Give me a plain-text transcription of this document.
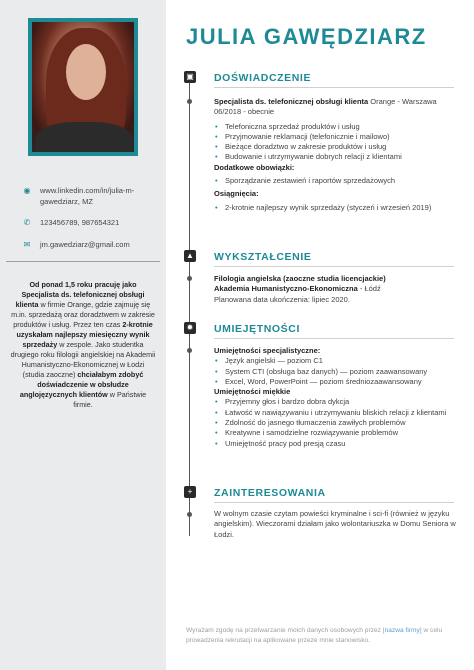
◉ www.linkedin.com/in/julia-m-gawedziarz, MZ
✆ 123456789, 987654321
✉ jm.gawedziarz@gmail.com
Od ponad 1,5 roku pracuję jako Specjalista ds. telefonicznej obsługi klienta w firmie Orange, gdzie zajmuję się m.in. sprzedażą oraz doradztwem w zakresie produktów i usług. Przez ten czas 2-krotnie uzyskałam najlepszy miesięczny wynik sprzedaży w zespole. Jako studentka drugiego roku filologii angielskiej na Akademii Humanistyczno-Ekonomicznej w Łodzi (studia zaoczne) chciałabym zdobyć doświadczenie w obsłudze anglojęzycznych klientów w Państwie firmie.
JULIA GAWĘDZIARZ
▣ DOŚWIADCZENIE
Specjalista ds. telefonicznej obsługi klienta Orange - Warszawa
06/2018 - obecnie
• Telefoniczna sprzedaż produktów i usług
• Przyjmowanie reklamacji (telefonicznie i mailowo)
• Bieżące doradztwo w zakresie produktów i usług
• Budowanie i utrzymywanie dobrych relacji z klientami
Dodatkowe obowiązki:
• Sporządzanie zestawień i raportów sprzedażowych
Osiągnięcia:
• 2-krotnie najlepszy wynik sprzedaży (styczeń i wrzesień 2019)
▲ WYKSZTAŁCENIE
Filologia angielska (zaoczne studia licencjackie)
Akademia Humanistyczno-Ekonomiczna - Łódź
Planowana data ukończenia: lipiec 2020.
✹ UMIEJĘTNOŚCI
Umiejętności specjalistyczne:
• Język angielski — poziom C1
• System CTI (obsługa baz danych) — poziom zaawansowany
• Excel, Word, PowerPoint — poziom średniozaawansowany
Umiejętności miękkie
• Przyjemny głos i bardzo dobra dykcja
• Łatwość w nawiązywaniu i utrzymywaniu bliskich relacji z klientami
• Zdolność do jasnego tłumaczenia zawiłych problemów
• Kreatywne i samodzielne rozwiązywanie problemów
• Umiejętność pracy pod presją czasu
+	ZAINTERESOWANIA
W wolnym czasie czytam powieści kryminalne i sci-fi (również w języku angielskim). Wieczorami działam jako wolontariuszka w Domu Seniora w Łodzi.
Wyrażam zgodę na przetwarzanie moich danych osobowych przez [nazwa firmy] w celu prowadzenia rekrutacji na aplikowane przeze mnie stanowisko.
